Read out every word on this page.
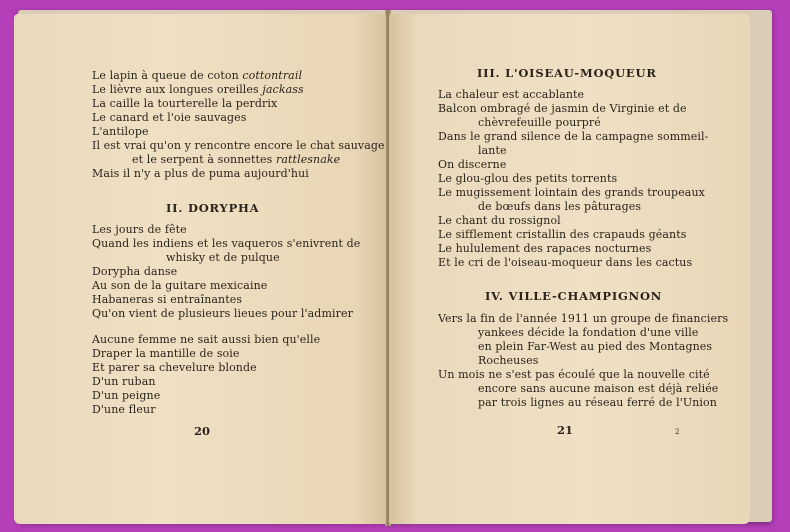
Le lapin à queue de coton cottontrail
Le lièvre aux longues oreilles jackass
La caille la tourterelle la perdrix
Le canard et l'oie sauvages
L'antilope
Il est vrai qu'on y rencontre encore le chat sauvage
et le serpent à sonnettes rattlesnake
Mais il n'y a plus de puma aujourd'hui
II. DORYPHA
Les jours de fête
Quand les indiens et les vaqueros s'enivrent de
whisky et de pulque
Dorypha danse
Au son de la guitare mexicaine
Habaneras si entraînantes
Qu'on vient de plusieurs lieues pour l'admirer
Aucune femme ne sait aussi bien qu'elle
Draper la mantille de soie
Et parer sa chevelure blonde
D'un ruban
D'un peigne
D'une fleur
20
III. L'OISEAU-MOQUEUR
La chaleur est accablante
Balcon ombragé de jasmin de Virginie et de
chèvrefeuille pourpré
Dans le grand silence de la campagne sommeil-
lante
On discerne
Le glou-glou des petits torrents
Le mugissement lointain des grands troupeaux
de bœufs dans les pâturages
Le chant du rossignol
Le sifflement cristallin des crapauds géants
Le hululement des rapaces nocturnes
Et le cri de l'oiseau-moqueur dans les cactus
IV. VILLE-CHAMPIGNON
Vers la fin de l'année 1911 un groupe de financiers
yankees décide la fondation d'une ville
en plein Far-West au pied des Montagnes
Rocheuses
Un mois ne s'est pas écoulé que la nouvelle cité
encore sans aucune maison est déjà reliée
par trois lignes au réseau ferré de l'Union
21	2
